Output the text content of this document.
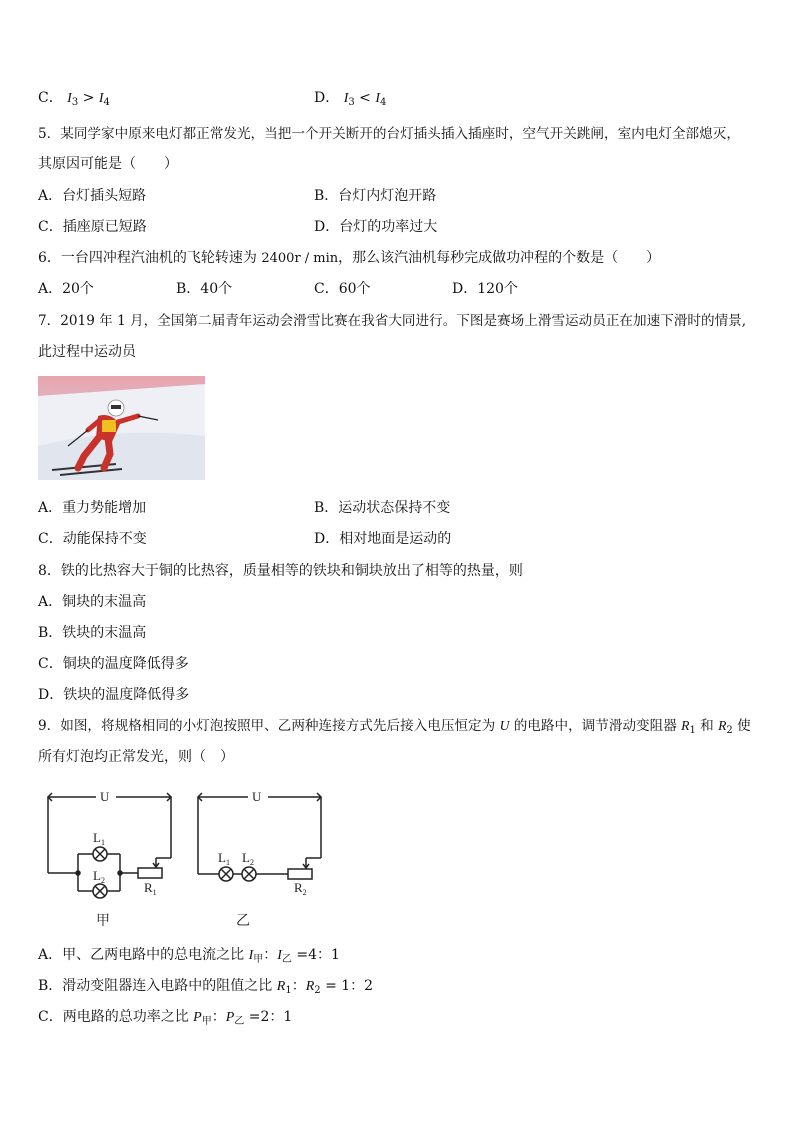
C． $I_3 > I_4$	D． $I_3 < I_4$
5．某同学家中原来电灯都正常发光，当把一个开关断开的台灯插头插入插座时，空气开关跳闸，室内电灯全部熄灭，
其原因可能是（　　）
A．台灯插头短路	B．台灯内灯泡开路
C．插座原已短路	D．台灯的功率过大
6．一台四冲程汽油机的飞轮转速为 2400r / min，那么该汽油机每秒完成做功冲程的个数是（　　）
A．20个	B．40个	C．60个	D．120个
7．2019 年 1 月，全国第二届青年运动会滑雪比赛在我省大同进行。下图是赛场上滑雪运动员正在加速下滑时的情景,
此过程中运动员
A．重力势能增加	B．运动状态保持不变
C．动能保持不变	D．相对地面是运动的
8．铁的比热容大于铜的比热容，质量相等的铁块和铜块放出了相等的热量，则
A．铜块的末温高
B．铁块的末温高
C．铜块的温度降低得多
D．铁块的温度降低得多
9．如图，将规格相同的小灯泡按照甲、乙两种连接方式先后接入电压恒定为 U 的电路中，调节滑动变阻器 $R_1$ 和 $R_2$ 使
所有灯泡均正常发光，则（　）
U
$L_1$
$L_2$	$R_1$
甲
U
$L_1$ $L_2$
$R_2$
乙
A．甲、乙两电路中的总电流之比 $I_甲$：$I_乙 =4$：1
B．滑动变阻器连入电路中的阻值之比 $R_1$：$R_2 = 1$：2
C．两电路的总功率之比 $P_甲$：$P_乙 =2$：1
